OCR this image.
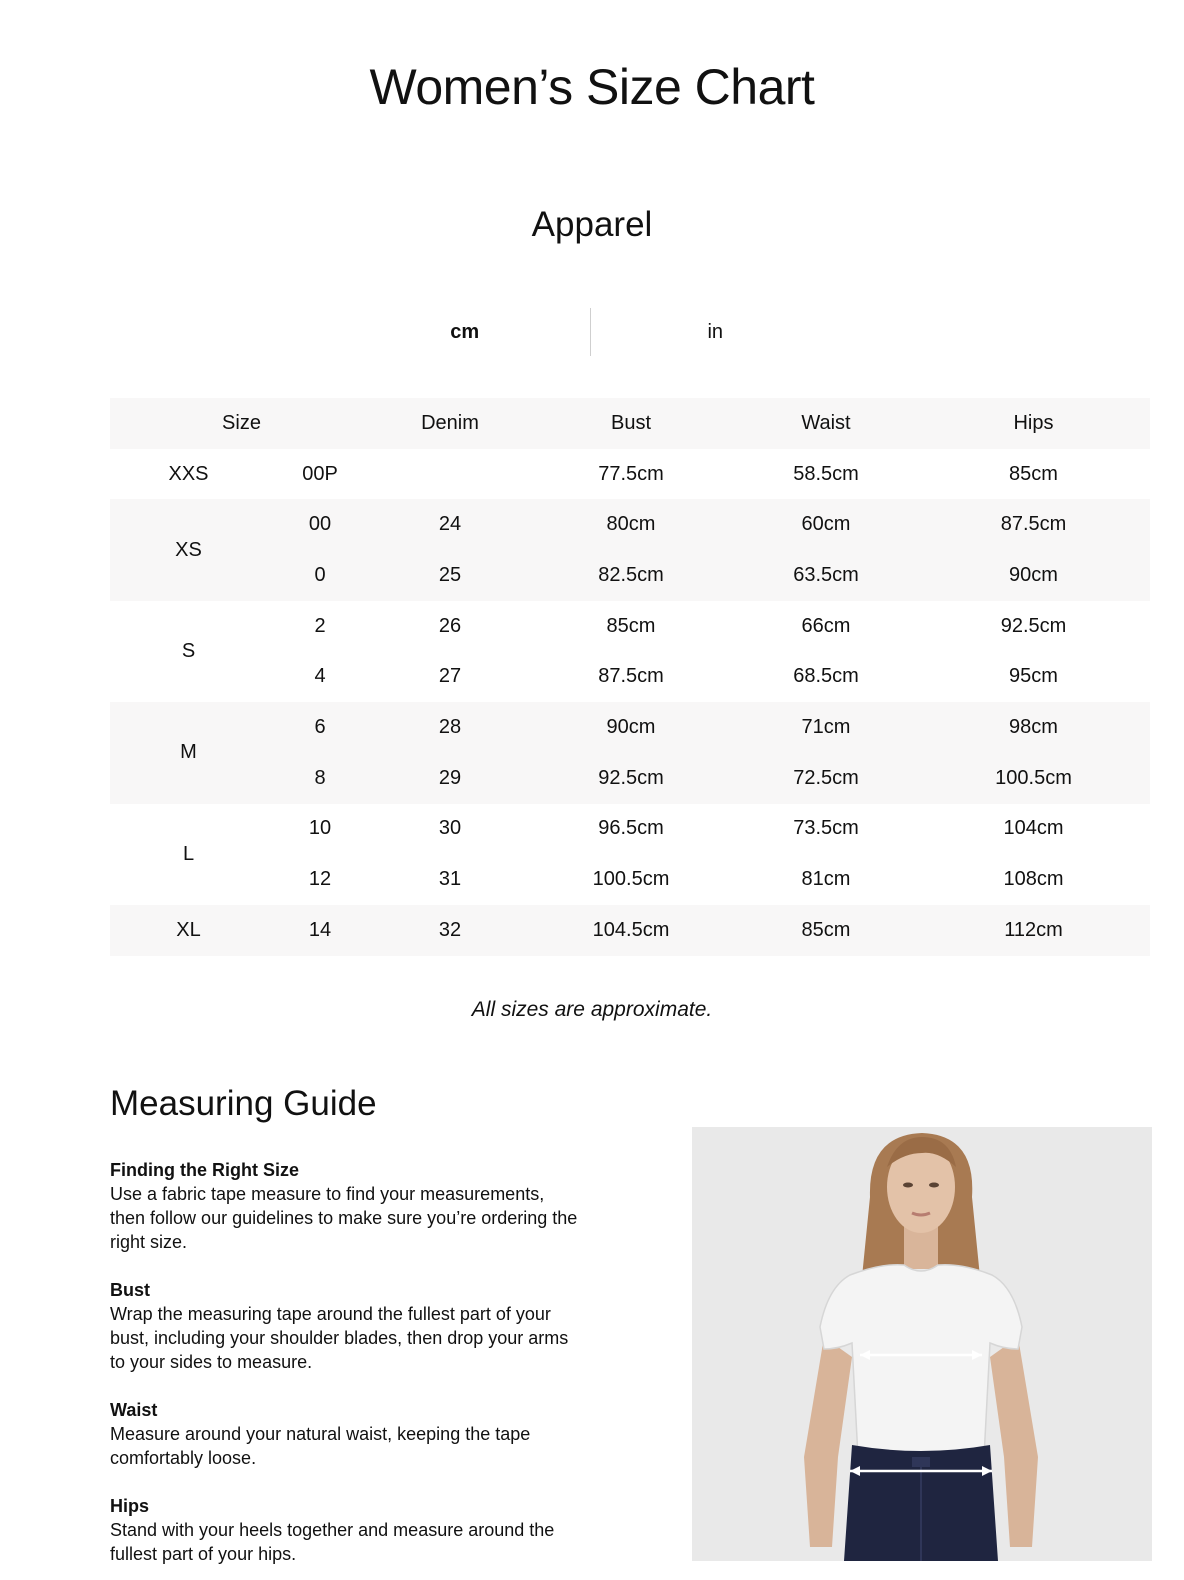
Women’s Size Chart
Apparel
cm	in
Size		Denim	Bust	Waist	Hips
XXS	00P		77.5cm	58.5cm	85cm
XS	00	24	80cm	60cm	87.5cm
	0	25	82.5cm	63.5cm	90cm
S	2	26	85cm	66cm	92.5cm
	4	27	87.5cm	68.5cm	95cm
M	6	28	90cm	71cm	98cm
	8	29	92.5cm	72.5cm	100.5cm
L	10	30	96.5cm	73.5cm	104cm
	12	31	100.5cm	81cm	108cm
XL	14	32	104.5cm	85cm	112cm

All sizes are approximate.

Measuring Guide
Finding the Right Size
Use a fabric tape measure to find your measurements, then follow our guidelines to make sure you’re ordering the right size.
Bust
Wrap the measuring tape around the fullest part of your bust, including your shoulder blades, then drop your arms to your sides to measure.
Waist
Measure around your natural waist, keeping the tape comfortably loose.
Hips
Stand with your heels together and measure around the fullest part of your hips.
